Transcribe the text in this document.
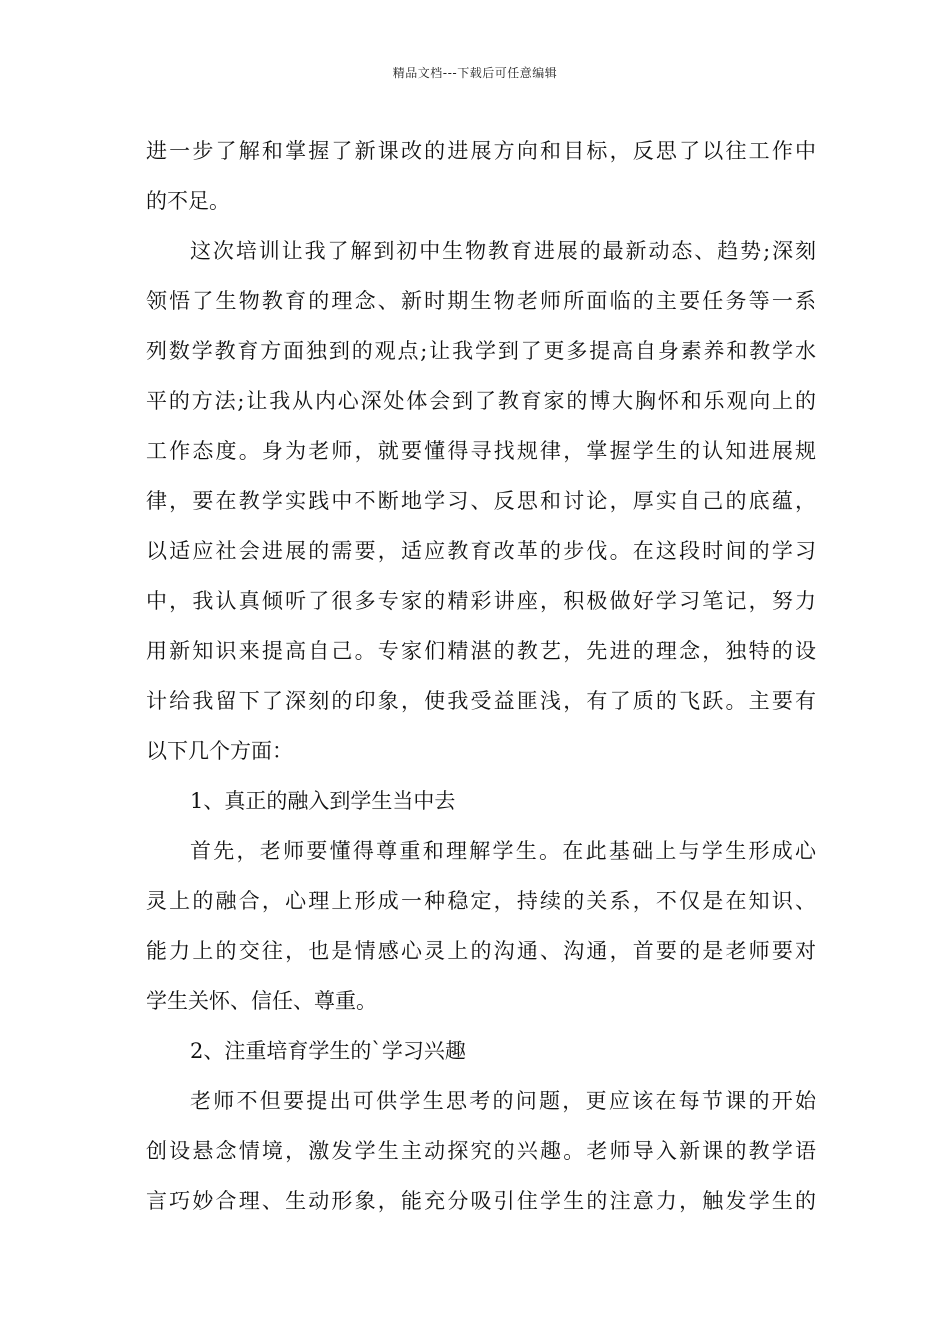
精品文档---下载后可任意编辑
进一步了解和掌握了新课改的进展方向和目标，反思了以往工作中
的不足。
这次培训让我了解到初中生物教育进展的最新动态、趋势;深刻
领悟了生物教育的理念、新时期生物老师所面临的主要任务等一系
列数学教育方面独到的观点;让我学到了更多提高自身素养和教学水
平的方法;让我从内心深处体会到了教育家的博大胸怀和乐观向上的
工作态度。身为老师，就要懂得寻找规律，掌握学生的认知进展规
律，要在教学实践中不断地学习、反思和讨论，厚实自己的底蕴，
以适应社会进展的需要，适应教育改革的步伐。在这段时间的学习
中，我认真倾听了很多专家的精彩讲座，积极做好学习笔记，努力
用新知识来提高自己。专家们精湛的教艺，先进的理念，独特的设
计给我留下了深刻的印象，使我受益匪浅，有了质的飞跃。主要有
以下几个方面：
1、真正的融入到学生当中去
首先，老师要懂得尊重和理解学生。在此基础上与学生形成心
灵上的融合，心理上形成一种稳定，持续的关系，不仅是在知识、
能力上的交往，也是情感心灵上的沟通、沟通，首要的是老师要对
学生关怀、信任、尊重。
2、注重培育学生的`学习兴趣
老师不但要提出可供学生思考的问题，更应该在每节课的开始
创设悬念情境，激发学生主动探究的兴趣。老师导入新课的教学语
言巧妙合理、生动形象，能充分吸引住学生的注意力，触发学生的
